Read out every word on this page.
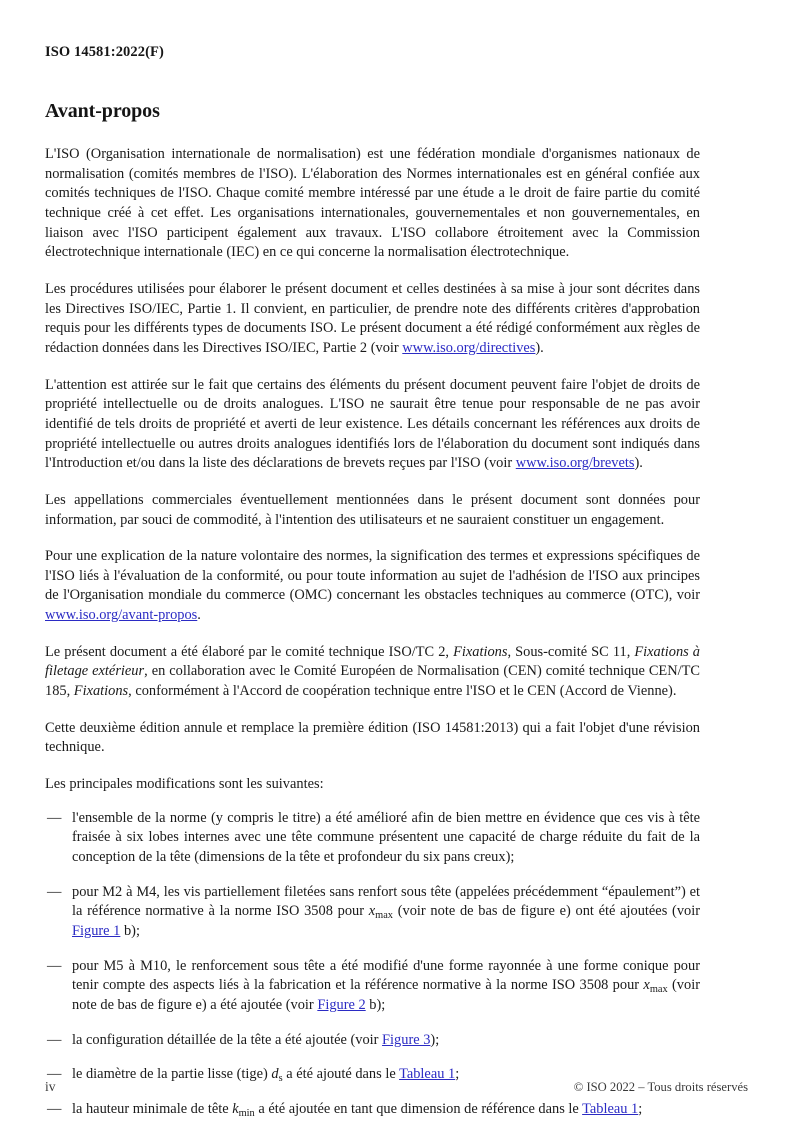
ISO 14581:2022(F)
Avant-propos

L'ISO (Organisation internationale de normalisation) est une fédération mondiale d'organismes nationaux de normalisation (comités membres de l'ISO). L'élaboration des Normes internationales est en général confiée aux comités techniques de l'ISO. Chaque comité membre intéressé par une étude a le droit de faire partie du comité technique créé à cet effet. Les organisations internationales, gouvernementales et non gouvernementales, en liaison avec l'ISO participent également aux travaux. L'ISO collabore étroitement avec la Commission électrotechnique internationale (IEC) en ce qui concerne la normalisation électrotechnique.

Les procédures utilisées pour élaborer le présent document et celles destinées à sa mise à jour sont décrites dans les Directives ISO/IEC, Partie 1. Il convient, en particulier, de prendre note des différents critères d'approbation requis pour les différents types de documents ISO. Le présent document a été rédigé conformément aux règles de rédaction données dans les Directives ISO/IEC, Partie 2 (voir www.iso.org/directives).

L'attention est attirée sur le fait que certains des éléments du présent document peuvent faire l'objet de droits de propriété intellectuelle ou de droits analogues. L'ISO ne saurait être tenue pour responsable de ne pas avoir identifié de tels droits de propriété et averti de leur existence. Les détails concernant les références aux droits de propriété intellectuelle ou autres droits analogues identifiés lors de l'élaboration du document sont indiqués dans l'Introduction et/ou dans la liste des déclarations de brevets reçues par l'ISO (voir www.iso.org/brevets).

Les appellations commerciales éventuellement mentionnées dans le présent document sont données pour information, par souci de commodité, à l'intention des utilisateurs et ne sauraient constituer un engagement.

Pour une explication de la nature volontaire des normes, la signification des termes et expressions spécifiques de l'ISO liés à l'évaluation de la conformité, ou pour toute information au sujet de l'adhésion de l'ISO aux principes de l'Organisation mondiale du commerce (OMC) concernant les obstacles techniques au commerce (OTC), voir www.iso.org/avant-propos.

Le présent document a été élaboré par le comité technique ISO/TC 2, Fixations, Sous-comité SC 11, Fixations à filetage extérieur, en collaboration avec le Comité Européen de Normalisation (CEN) comité technique CEN/TC 185, Fixations, conformément à l'Accord de coopération technique entre l'ISO et le CEN (Accord de Vienne).

Cette deuxième édition annule et remplace la première édition (ISO 14581:2013) qui a fait l'objet d'une révision technique.

Les principales modifications sont les suivantes:

— l'ensemble de la norme (y compris le titre) a été amélioré afin de bien mettre en évidence que ces vis à tête fraisée à six lobes internes avec une tête commune présentent une capacité de charge réduite du fait de la conception de la tête (dimensions de la tête et profondeur du six pans creux);
— pour M2 à M4, les vis partiellement filetées sans renfort sous tête (appelées précédemment “épaulement”) et la référence normative à la norme ISO 3508 pour $x_{max}$ (voir note de bas de figure e) ont été ajoutées (voir Figure 1 b);
— pour M5 à M10, le renforcement sous tête a été modifié d'une forme rayonnée à une forme conique pour tenir compte des aspects liés à la fabrication et la référence normative à la norme ISO 3508 pour $x_{max}$ (voir note de bas de figure e) a été ajoutée (voir Figure 2 b);
— la configuration détaillée de la tête a été ajoutée (voir Figure 3);
— le diamètre de la partie lisse (tige) $d_s$ a été ajouté dans le Tableau 1;
— la hauteur minimale de tête $k_{min}$ a été ajoutée en tant que dimension de référence dans le Tableau 1;
iv	© ISO 2022 – Tous droits réservés
